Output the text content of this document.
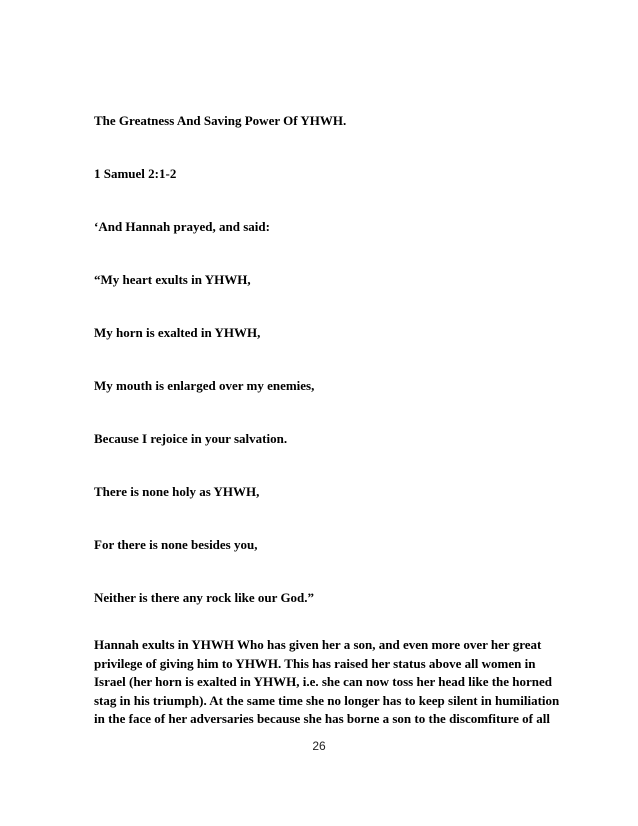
The Greatness And Saving Power Of YHWH.
1 Samuel 2:1-2
‘And Hannah prayed, and said:
“My heart exults in YHWH,
My horn is exalted in YHWH,
My mouth is enlarged over my enemies,
Because I rejoice in your salvation.
There is none holy as YHWH,
For there is none besides you,
Neither is there any rock like our God.”
Hannah exults in YHWH Who has given her a son, and even more over her great
privilege of giving him to YHWH. This has raised her status above all women in
Israel (her horn is exalted in YHWH, i.e. she can now toss her head like the horned
stag in his triumph). At the same time she no longer has to keep silent in humiliation
in the face of her adversaries because she has borne a son to the discomfiture of all
26
